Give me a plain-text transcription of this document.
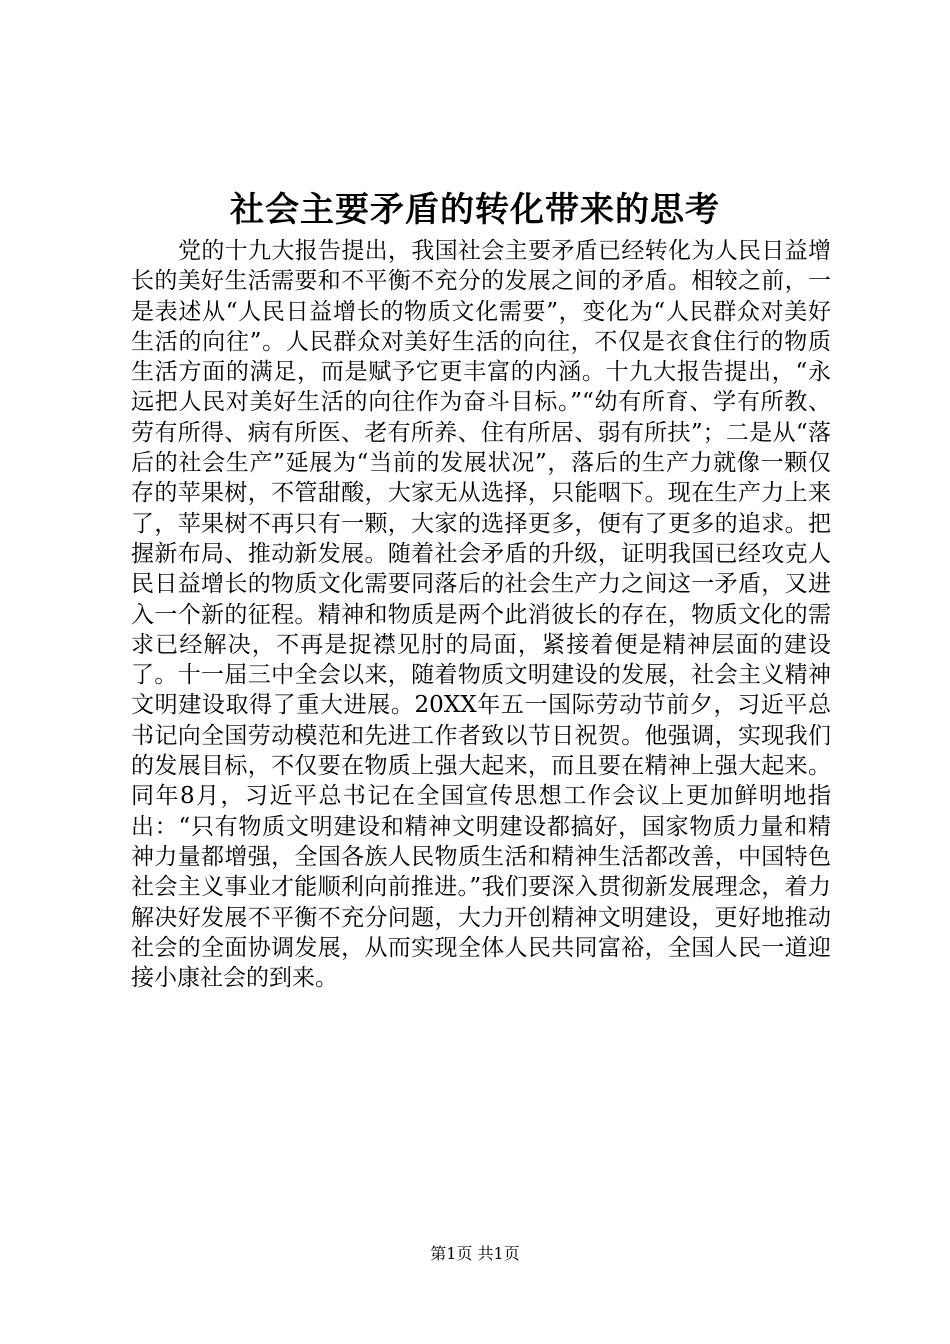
社会主要矛盾的转化带来的思考

党的十九大报告提出，我国社会主要矛盾已经转化为人民日益增长的美好生活需要和不平衡不充分的发展之间的矛盾。相较之前，一是表述从“人民日益增长的物质文化需要”，变化为“人民群众对美好生活的向往”。人民群众对美好生活的向往，不仅是衣食住行的物质生活方面的满足，而是赋予它更丰富的内涵。十九大报告提出，“永远把人民对美好生活的向往作为奋斗目标。”“幼有所育、学有所教、劳有所得、病有所医、老有所养、住有所居、弱有所扶”；二是从“落后的社会生产”延展为“当前的发展状况”，落后的生产力就像一颗仅存的苹果树，不管甜酸，大家无从选择，只能咽下。现在生产力上来了，苹果树不再只有一颗，大家的选择更多，便有了更多的追求。把握新布局、推动新发展。随着社会矛盾的升级，证明我国已经攻克人民日益增长的物质文化需要同落后的社会生产力之间这一矛盾，又进入一个新的征程。精神和物质是两个此消彼长的存在，物质文化的需求已经解决，不再是捉襟见肘的局面，紧接着便是精神层面的建设了。十一届三中全会以来，随着物质文明建设的发展，社会主义精神文明建设取得了重大进展。20XX年五一国际劳动节前夕，习近平总书记向全国劳动模范和先进工作者致以节日祝贺。他强调，实现我们的发展目标，不仅要在物质上强大起来，而且要在精神上强大起来。同年8月，习近平总书记在全国宣传思想工作会议上更加鲜明地指出：“只有物质文明建设和精神文明建设都搞好，国家物质力量和精神力量都增强，全国各族人民物质生活和精神生活都改善，中国特色社会主义事业才能顺利向前推进。”我们要深入贯彻新发展理念，着力解决好发展不平衡不充分问题，大力开创精神文明建设，更好地推动社会的全面协调发展，从而实现全体人民共同富裕，全国人民一道迎接小康社会的到来。

第1页 共1页
